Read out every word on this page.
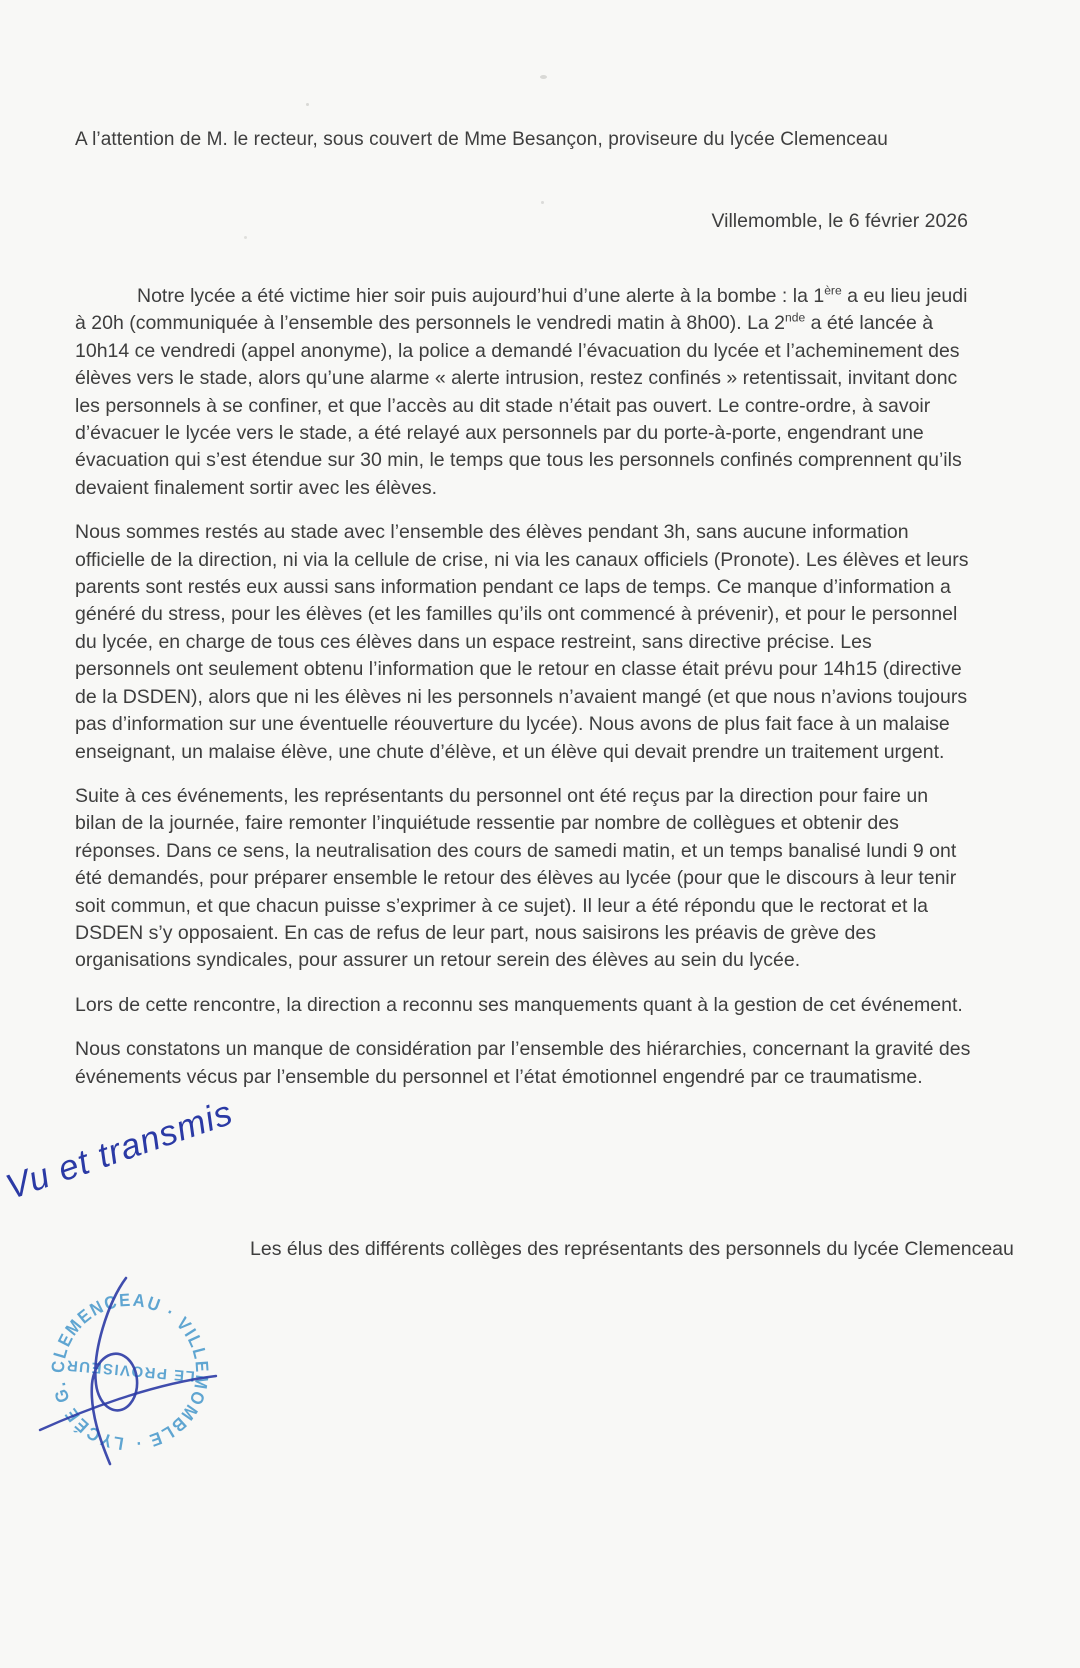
A l’attention de M. le recteur, sous couvert de Mme Besançon, proviseure du lycée Clemenceau
Villemomble, le 6 février 2026

Notre lycée a été victime hier soir puis aujourd’hui d’une alerte à la bombe : la 1ère a eu lieu jeudi à 20h (communiquée à l’ensemble des personnels le vendredi matin à 8h00). La 2nde a été lancée à 10h14 ce vendredi (appel anonyme), la police a demandé l’évacuation du lycée et l’acheminement des élèves vers le stade, alors qu’une alarme « alerte intrusion, restez confinés » retentissait, invitant donc les personnels à se confiner, et que l’accès au dit stade n’était pas ouvert. Le contre-ordre, à savoir d’évacuer le lycée vers le stade, a été relayé aux personnels par du porte-à-porte, engendrant une évacuation qui s’est étendue sur 30 min, le temps que tous les personnels confinés comprennent qu’ils devaient finalement sortir avec les élèves.

Nous sommes restés au stade avec l’ensemble des élèves pendant 3h, sans aucune information officielle de la direction, ni via la cellule de crise, ni via les canaux officiels (Pronote). Les élèves et leurs parents sont restés eux aussi sans information pendant ce laps de temps. Ce manque d’information a généré du stress, pour les élèves (et les familles qu’ils ont commencé à prévenir), et pour le personnel du lycée, en charge de tous ces élèves dans un espace restreint, sans directive précise. Les personnels ont seulement obtenu l’information que le retour en classe était prévu pour 14h15 (directive de la DSDEN), alors que ni les élèves ni les personnels n’avaient mangé (et que nous n’avions toujours pas d’information sur une éventuelle réouverture du lycée). Nous avons de plus fait face à un malaise enseignant, un malaise élève, une chute d’élève, et un élève qui devait prendre un traitement urgent.

Suite à ces événements, les représentants du personnel ont été reçus par la direction pour faire un bilan de la journée, faire remonter l’inquiétude ressentie par nombre de collègues et obtenir des réponses. Dans ce sens, la neutralisation des cours de samedi matin, et un temps banalisé lundi 9 ont été demandés, pour préparer ensemble le retour des élèves au lycée (pour que le discours à leur tenir soit commun, et que chacun puisse s’exprimer à ce sujet). Il leur a été répondu que le rectorat et la DSDEN s’y opposaient. En cas de refus de leur part, nous saisirons les préavis de grève des organisations syndicales, pour assurer un retour serein des élèves au sein du lycée.

Lors de cette rencontre, la direction a reconnu ses manquements quant à la gestion de cet événement.

Nous constatons un manque de considération par l’ensemble des hiérarchies, concernant la gravité des événements vécus par l’ensemble du personnel et l’état émotionnel engendré par ce traumatisme.

Les élus des différents collèges des représentants des personnels du lycée Clemenceau
Vu et transmis
LYCÉE G. CLEMENCEAU · VILLEMOMBLE ·
LE PROVISEUR
